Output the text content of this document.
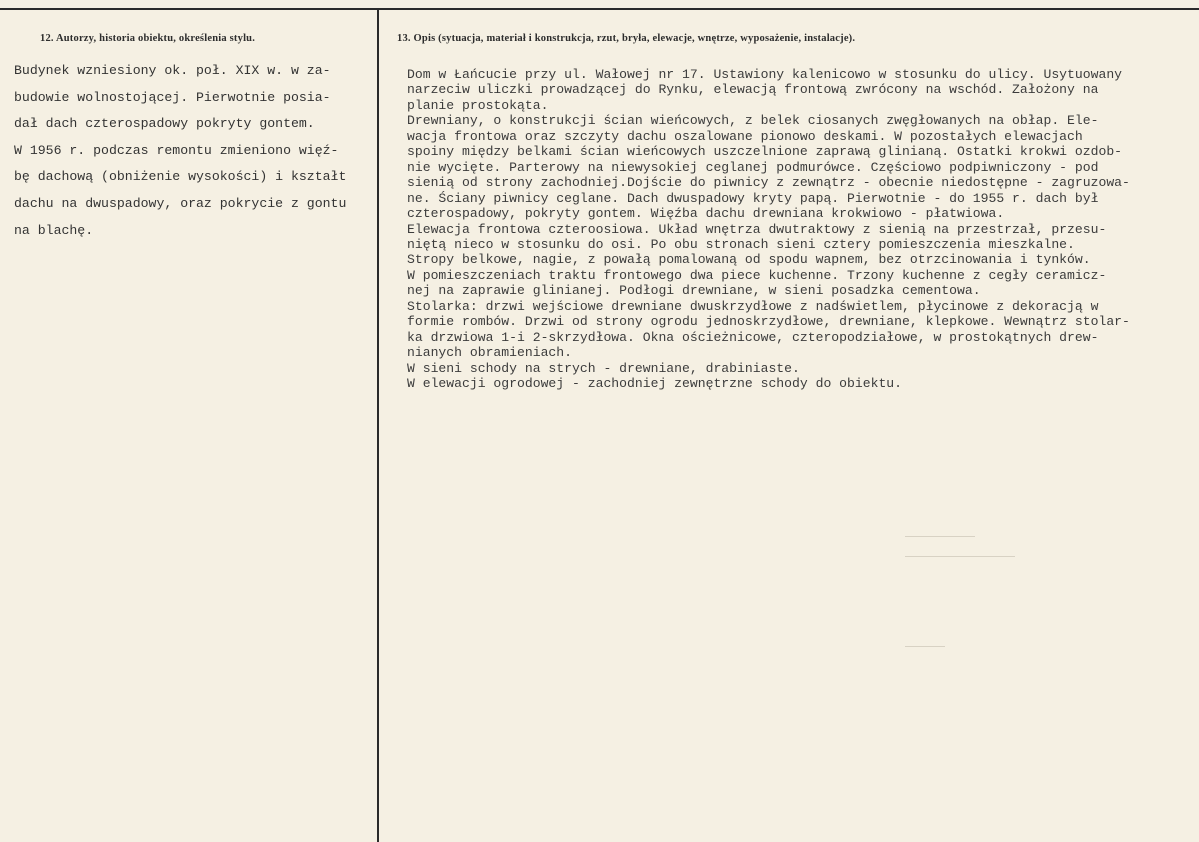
12. Autorzy, historia obiektu, określenia stylu.	13. Opis (sytuacja, materiał i konstrukcja, rzut, bryła, elewacje, wnętrze, wyposażenie, instalacje).
Budynek wzniesiony ok. poł. XIX w. w za-
budowie wolnostojącej. Pierwotnie posia-
dał dach czterospadowy pokryty gontem.
W 1956 r. podczas remontu zmieniono więź-
bę dachową (obniżenie wysokości) i kształt
dachu na dwuspadowy, oraz pokrycie z gontu
na blachę.
Dom w Łańcucie przy ul. Wałowej nr 17. Ustawiony kalenicowo w stosunku do ulicy. Usytuowany
narzeciw uliczki prowadzącej do Rynku, elewacją frontową zwrócony na wschód. Założony na
planie prostokąta.
Drewniany, o konstrukcji ścian wieńcowych, z belek ciosanych zwęgłowanych na obłap. Ele-
wacja frontowa oraz szczyty dachu oszalowane pionowo deskami. W pozostałych elewacjach
spoiny między belkami ścian wieńcowych uszczelnione zaprawą glinianą. Ostatki krokwi ozdob-
nie wycięte. Parterowy na niewysokiej ceglanej podmurówce. Częściowo podpiwniczony - pod
sienią od strony zachodniej.Dojście do piwnicy z zewnątrz - obecnie niedostępne - zagruzowa-
ne. Ściany piwnicy ceglane. Dach dwuspadowy kryty papą. Pierwotnie - do 1955 r. dach był
czterospadowy, pokryty gontem. Więźba dachu drewniana krokwiowo - płatwiowa.
Elewacja frontowa czteroosiowa. Układ wnętrza dwutraktowy z sienią na przestrzał, przesu-
niętą nieco w stosunku do osi. Po obu stronach sieni cztery pomieszczenia mieszkalne.
Stropy belkowe, nagie, z powałą pomalowaną od spodu wapnem, bez otrzcinowania i tynków.
W pomieszczeniach traktu frontowego dwa piece kuchenne. Trzony kuchenne z cegły ceramicz-
nej na zaprawie glinianej. Podłogi drewniane, w sieni posadzka cementowa.
Stolarka: drzwi wejściowe drewniane dwuskrzydłowe z nadświetlem, płycinowe z dekoracją w
formie rombów. Drzwi od strony ogrodu jednoskrzydłowe, drewniane, klepkowe. Wewnątrz stolar-
ka drzwiowa 1-i 2-skrzydłowa. Okna ościeżnicowe, czteropodziałowe, w prostokątnych drew-
nianych obramieniach.
W sieni schody na strych - drewniane, drabiniaste.
W elewacji ogrodowej - zachodniej zewnętrzne schody do obiektu.
